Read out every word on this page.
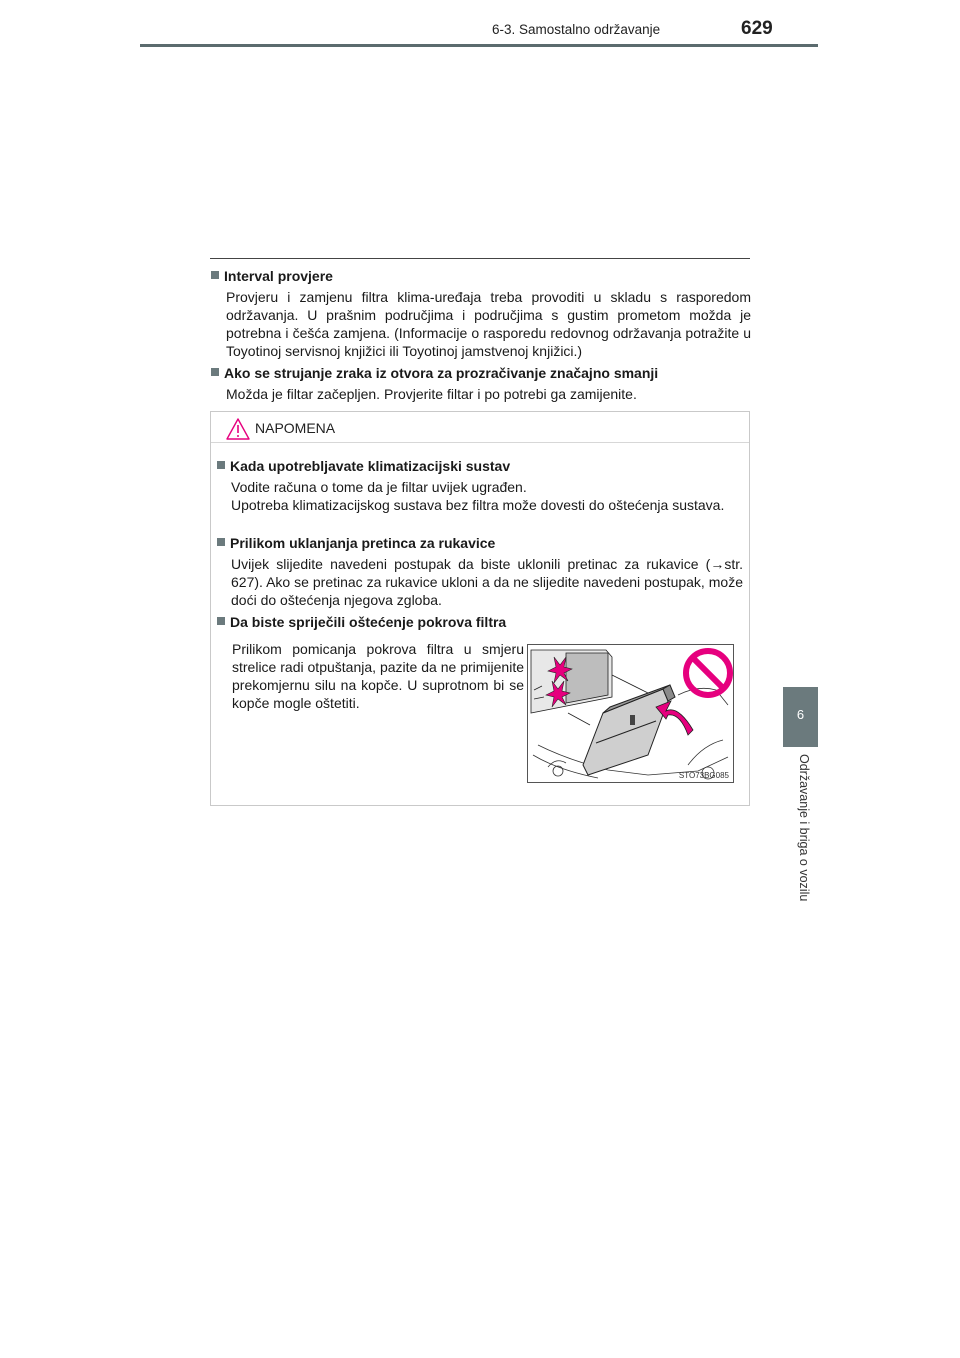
6-3. Samostalno održavanje	629
6
Održavanje i briga o vozilu
Interval provjere
Provjeru i zamjenu filtra klima-uređaja treba provoditi u skladu s rasporedom održavanja. U prašnim područjima i područjima s gustim prometom možda je potrebna i češća zamjena. (Informacije o rasporedu redovnog održavanja potražite u Toyotinoj servisnoj knjižici ili Toyotinoj jamstvenoj knjižici.)
Ako se strujanje zraka iz otvora za prozračivanje značajno smanji
Možda je filtar začepljen. Provjerite filtar i po potrebi ga zamijenite.
NAPOMENA
Kada upotrebljavate klimatizacijski sustav
Vodite računa o tome da je filtar uvijek ugrađen.
Upotreba klimatizacijskog sustava bez filtra može dovesti do oštećenja sustava.
Prilikom uklanjanja pretinca za rukavice
Uvijek slijedite navedeni postupak da biste uklonili pretinac za rukavice (→str. 627). Ako se pretinac za rukavice ukloni a da ne slijedite navedeni postupak, može doći do oštećenja njegova zgloba.
Da biste spriječili oštećenje pokrova filtra
Prilikom pomicanja pokrova filtra u smjeru strelice radi otpuštanja, pazite da ne primijenite prekomjernu silu na kopče. U suprotnom bi se kopče mogle oštetiti.
STO73BG085
